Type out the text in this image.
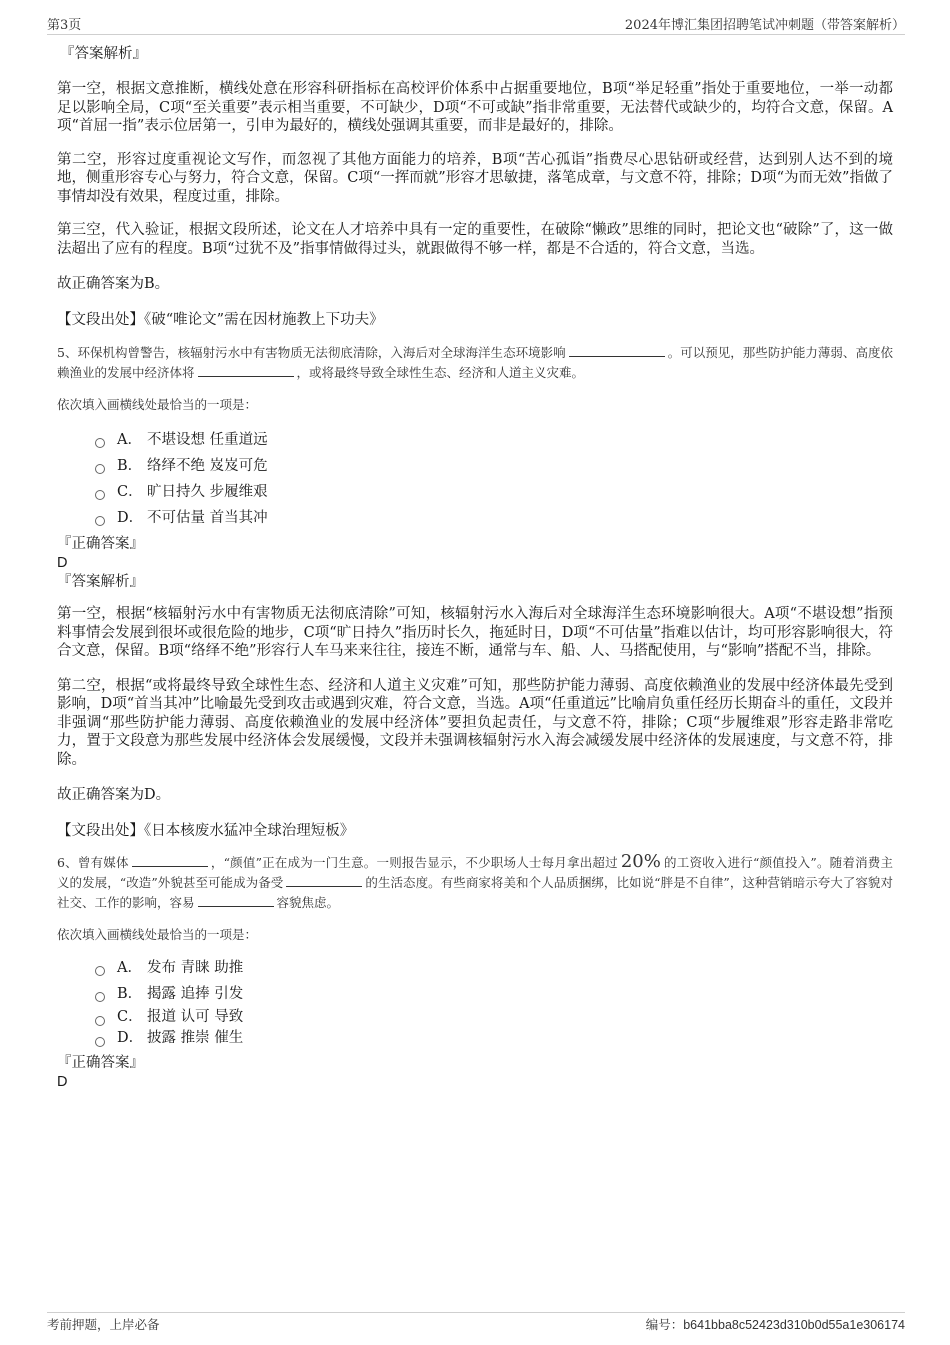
第3页	2024年博汇集团招聘笔试冲刺题（带答案解析）
『答案解析』

第一空，根据文意推断，横线处意在形容科研指标在高校评价体系中占据重要地位，B项“举足轻重”指处于重要地位，一举一动都足以影响全局，C项“至关重要”表示相当重要，不可缺少，D项“不可或缺”指非常重要，无法替代或缺少的，均符合文意，保留。A项“首屈一指”表示位居第一，引申为最好的，横线处强调其重要，而非是最好的，排除。

第二空，形容过度重视论文写作，而忽视了其他方面能力的培养，B项“苦心孤诣”指费尽心思钻研或经营，达到别人达不到的境地，侧重形容专心与努力，符合文意，保留。C项“一挥而就”形容才思敏捷，落笔成章，与文意不符，排除；D项“为而无效”指做了事情却没有效果，程度过重，排除。

第三空，代入验证，根据文段所述，论文在人才培养中具有一定的重要性，在破除“懒政”思维的同时，把论文也“破除”了，这一做法超出了应有的程度。B项“过犹不及”指事情做得过头，就跟做得不够一样，都是不合适的，符合文意，当选。

故正确答案为B。

【文段出处】《破“唯论文”需在因材施教上下功夫》

5、环保机构曾警告，核辐射污水中有害物质无法彻底清除，入海后对全球海洋生态环境影响	。可以预见，那些防护能力薄弱、高度依赖渔业的发展中经济体将	，或将最终导致全球性生态、经济和人道主义灾难。

依次填入画横线处最恰当的一项是：

A． 不堪设想 任重道远
B． 络绎不绝 岌岌可危
C． 旷日持久 步履维艰
D． 不可估量 首当其冲
『正确答案』
D
『答案解析』

第一空，根据“核辐射污水中有害物质无法彻底清除”可知，核辐射污水入海后对全球海洋生态环境影响很大。A项“不堪设想”指预料事情会发展到很坏或很危险的地步，C项“旷日持久”指历时长久，拖延时日，D项“不可估量”指难以估计，均可形容影响很大，符合文意，保留。B项“络绎不绝”形容行人车马来来往往，接连不断，通常与车、船、人、马搭配使用，与“影响”搭配不当，排除。

第二空，根据“或将最终导致全球性生态、经济和人道主义灾难”可知，那些防护能力薄弱、高度依赖渔业的发展中经济体最先受到影响，D项“首当其冲”比喻最先受到攻击或遇到灾难，符合文意，当选。A项“任重道远”比喻肩负重任经历长期奋斗的重任，文段并非强调“那些防护能力薄弱、高度依赖渔业的发展中经济体”要担负起责任，与文意不符，排除；C项“步履维艰”形容走路非常吃力，置于文段意为那些发展中经济体会发展缓慢，文段并未强调核辐射污水入海会减缓发展中经济体的发展速度，与文意不符，排除。

故正确答案为D。

【文段出处】《日本核废水猛冲全球治理短板》

6、曾有媒体	，“颜值”正在成为一门生意。一则报告显示，不少职场人士每月拿出超过 20% 的工资收入进行“颜值投入”。随着消费主义的发展，“改造”外貌甚至可能成为备受	的生活态度。有些商家将美和个人品质捆绑，比如说“胖是不自律”，这种营销暗示夸大了容貌对社交、工作的影响，容易	容貌焦虑。

依次填入画横线处最恰当的一项是：

A． 发布 青睐 助推
B． 揭露 追捧 引发
C． 报道 认可 导致
D． 披露 推崇 催生
『正确答案』
D
考前押题，上岸必备	编号：b641bba8c52423d310b0d55a1e306174
